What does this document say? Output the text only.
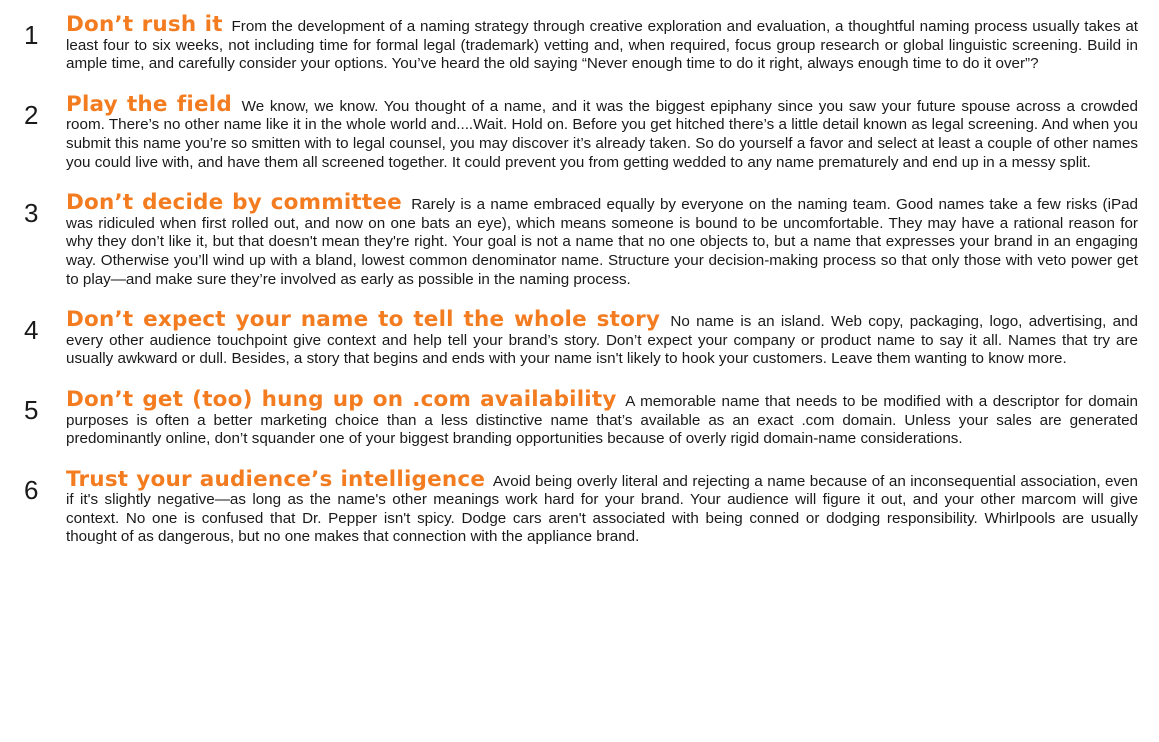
1 Don’t rush it From the development of a naming strategy through creative exploration and evaluation, a thoughtful naming process usually takes at least four to six weeks, not including time for formal legal (trademark) vetting and, when required, focus group research or global linguistic screening. Build in ample time, and carefully consider your options. You’ve heard the old saying “Never enough time to do it right, always enough time to do it over”?
2 Play the field We know, we know. You thought of a name, and it was the biggest epiphany since you saw your future spouse across a crowded room. There’s no other name like it in the whole world and....Wait. Hold on. Before you get hitched there’s a little detail known as legal screening. And when you submit this name you’re so smitten with to legal counsel, you may discover it’s already taken. So do yourself a favor and select at least a couple of other names you could live with, and have them all screened together. It could prevent you from getting wedded to any name prematurely and end up in a messy split.
3 Don’t decide by committee Rarely is a name embraced equally by everyone on the naming team. Good names take a few risks (iPad was ridiculed when first rolled out, and now on one bats an eye), which means someone is bound to be uncomfortable. They may have a rational reason for why they don’t like it, but that doesn't mean they're right. Your goal is not a name that no one objects to, but a name that expresses your brand in an engaging way. Otherwise you’ll wind up with a bland, lowest common denominator name. Structure your decision-making process so that only those with veto power get to play—and make sure they’re involved as early as possible in the naming process.
4 Don’t expect your name to tell the whole story No name is an island. Web copy, packaging, logo, advertising, and every other audience touchpoint give context and help tell your brand’s story. Don’t expect your company or product name to say it all. Names that try are usually awkward or dull. Besides, a story that begins and ends with your name isn't likely to hook your customers. Leave them wanting to know more.
5 Don’t get (too) hung up on .com availability A memorable name that needs to be modified with a descriptor for domain purposes is often a better marketing choice than a less distinctive name that’s available as an exact .com domain. Unless your sales are generated predominantly online, don’t squander one of your biggest branding opportunities because of overly rigid domain-name considerations.
6 Trust your audience’s intelligence Avoid being overly literal and rejecting a name because of an inconsequential association, even if it's slightly negative—as long as the name's other meanings work hard for your brand. Your audience will figure it out, and your other marcom will give context. No one is confused that Dr. Pepper isn't spicy. Dodge cars aren't associated with being conned or dodging responsibility. Whirlpools are usually thought of as dangerous, but no one makes that connection with the appliance brand.
